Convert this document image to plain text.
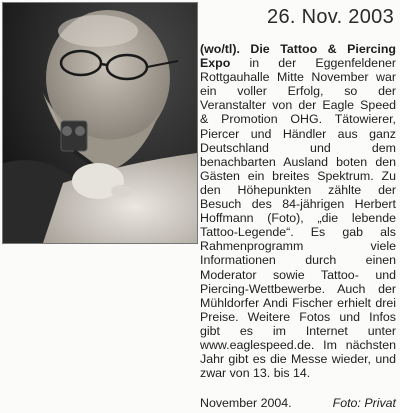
26. Nov. 2003
(wo/tl). Die Tattoo & Piercing Expo in der Eggenfeldener Rottgauhalle Mitte November war ein voller Erfolg, so der Veranstalter von der Eagle Speed & Promotion OHG. Tätowierer, Piercer und Händler aus ganz Deutschland und dem benachbarten Ausland boten den Gästen ein breites Spektrum. Zu den Höhepunkten zählte der Besuch des 84-jährigen Herbert Hoffmann (Foto), „die lebende Tattoo-Legende“. Es gab als Rahmenprogramm viele Informationen durch einen Moderator sowie Tattoo- und Piercing-Wettbewerbe. Auch der Mühldorfer Andi Fischer erhielt drei Preise. Weitere Fotos und Infos gibt es im Internet unter www.eaglespeed.de. Im nächsten Jahr gibt es die Messe wieder, und zwar von 13. bis 14.
November 2004.	Foto: Privat
